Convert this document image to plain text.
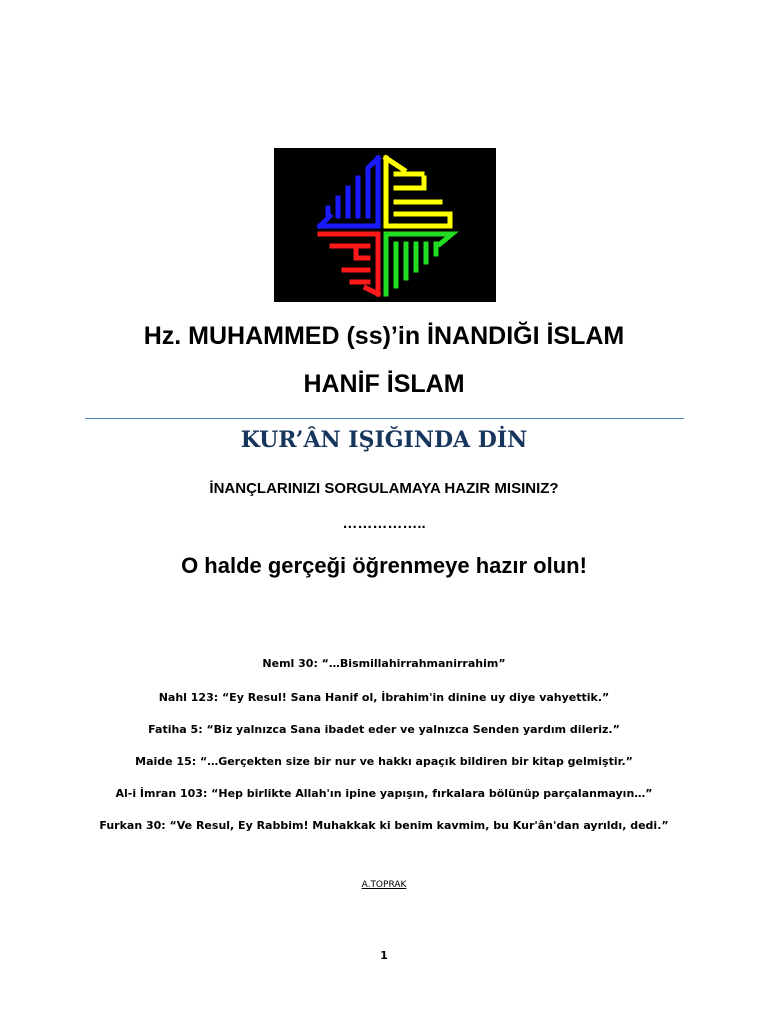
Hz. MUHAMMED (ss)’in İNANDIĞI İSLAM
HANİF İSLAM
KUR’ÂN IŞIĞINDA DİN
İNANÇLARINIZI SORGULAMAYA HAZIR MISINIZ?
……………..
O halde gerçeği öğrenmeye hazır olun!
Neml 30: “…Bismillahirrahmanirrahim”
Nahl 123: “Ey Resul! Sana Hanif ol, İbrahim'in dinine uy diye vahyettik.”
Fatiha 5: “Biz yalnızca Sana ibadet eder ve yalnızca Senden yardım dileriz.”
Maide 15: “…Gerçekten size bir nur ve hakkı apaçık bildiren bir kitap gelmiştir.”
Al-i İmran 103: “Hep birlikte Allah'ın ipine yapışın, fırkalara bölünüp parçalanmayın…”
Furkan 30: “Ve Resul, Ey Rabbim! Muhakkak ki benim kavmim, bu Kur'ân'dan ayrıldı, dedi.”
A.TOPRAK
1
